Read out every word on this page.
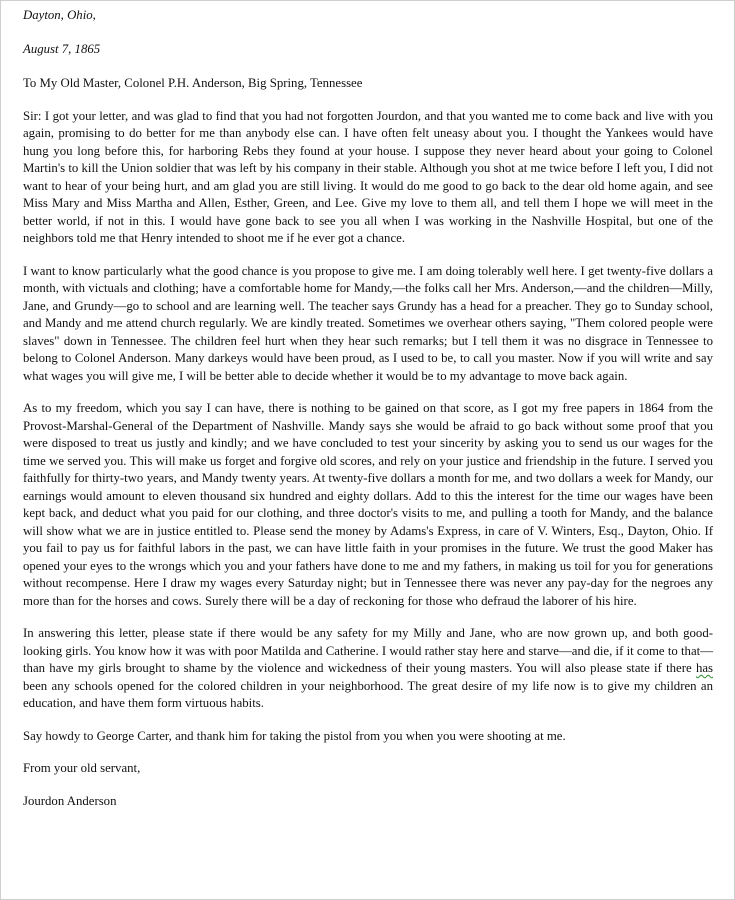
Dayton, Ohio,

August 7, 1865

To My Old Master, Colonel P.H. Anderson, Big Spring, Tennessee

Sir: I got your letter, and was glad to find that you had not forgotten Jourdon, and that you wanted me to come back and live with you again, promising to do better for me than anybody else can. I have often felt uneasy about you. I thought the Yankees would have hung you long before this, for harboring Rebs they found at your house. I suppose they never heard about your going to Colonel Martin's to kill the Union soldier that was left by his company in their stable. Although you shot at me twice before I left you, I did not want to hear of your being hurt, and am glad you are still living. It would do me good to go back to the dear old home again, and see Miss Mary and Miss Martha and Allen, Esther, Green, and Lee. Give my love to them all, and tell them I hope we will meet in the better world, if not in this. I would have gone back to see you all when I was working in the Nashville Hospital, but one of the neighbors told me that Henry intended to shoot me if he ever got a chance.

I want to know particularly what the good chance is you propose to give me. I am doing tolerably well here. I get twenty-five dollars a month, with victuals and clothing; have a comfortable home for Mandy,—the folks call her Mrs. Anderson,—and the children—Milly, Jane, and Grundy—go to school and are learning well. The teacher says Grundy has a head for a preacher. They go to Sunday school, and Mandy and me attend church regularly. We are kindly treated. Sometimes we overhear others saying, "Them colored people were slaves" down in Tennessee. The children feel hurt when they hear such remarks; but I tell them it was no disgrace in Tennessee to belong to Colonel Anderson. Many darkeys would have been proud, as I used to be, to call you master. Now if you will write and say what wages you will give me, I will be better able to decide whether it would be to my advantage to move back again.

As to my freedom, which you say I can have, there is nothing to be gained on that score, as I got my free papers in 1864 from the Provost-Marshal-General of the Department of Nashville. Mandy says she would be afraid to go back without some proof that you were disposed to treat us justly and kindly; and we have concluded to test your sincerity by asking you to send us our wages for the time we served you. This will make us forget and forgive old scores, and rely on your justice and friendship in the future. I served you faithfully for thirty-two years, and Mandy twenty years. At twenty-five dollars a month for me, and two dollars a week for Mandy, our earnings would amount to eleven thousand six hundred and eighty dollars. Add to this the interest for the time our wages have been kept back, and deduct what you paid for our clothing, and three doctor's visits to me, and pulling a tooth for Mandy, and the balance will show what we are in justice entitled to. Please send the money by Adams's Express, in care of V. Winters, Esq., Dayton, Ohio. If you fail to pay us for faithful labors in the past, we can have little faith in your promises in the future. We trust the good Maker has opened your eyes to the wrongs which you and your fathers have done to me and my fathers, in making us toil for you for generations without recompense. Here I draw my wages every Saturday night; but in Tennessee there was never any pay-day for the negroes any more than for the horses and cows. Surely there will be a day of reckoning for those who defraud the laborer of his hire.

In answering this letter, please state if there would be any safety for my Milly and Jane, who are now grown up, and both good-looking girls. You know how it was with poor Matilda and Catherine. I would rather stay here and starve—and die, if it come to that—than have my girls brought to shame by the violence and wickedness of their young masters. You will also please state if there has been any schools opened for the colored children in your neighborhood. The great desire of my life now is to give my children an education, and have them form virtuous habits.

Say howdy to George Carter, and thank him for taking the pistol from you when you were shooting at me.

From your old servant,

Jourdon Anderson
